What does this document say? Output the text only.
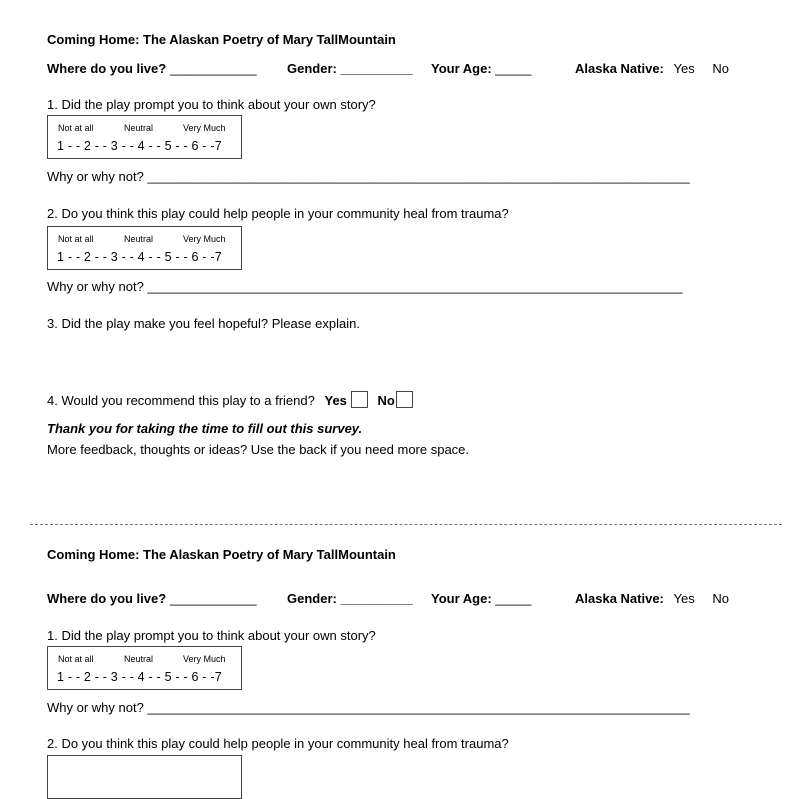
Coming Home: The Alaskan Poetry of Mary TallMountain
Where do you live? ____________ Gender: __________ Your Age: _____	Alaska Native: Yes No
1. Did the play prompt you to think about your own story?
Not at all	Neutral	Very Much
1 - - 2 - - 3 - - 4 - - 5 - - 6 - -7
Why or why not? ___________________________________________________________________________
2. Do you think this play could help people in your community heal from trauma?
Not at all	Neutral	Very Much
1 - - 2 - - 3 - - 4 - - 5 - - 6 - -7
Why or why not? __________________________________________________________________________
3. Did the play make you feel hopeful? Please explain.
4. Would you recommend this play to a friend? Yes No
Thank you for taking the time to fill out this survey.
More feedback, thoughts or ideas? Use the back if you need more space.
Coming Home: The Alaskan Poetry of Mary TallMountain
Where do you live? ____________ Gender: __________ Your Age: _____	Alaska Native: Yes No
1. Did the play prompt you to think about your own story?
Not at all	Neutral	Very Much
1 - - 2 - - 3 - - 4 - - 5 - - 6 - -7
Why or why not? ___________________________________________________________________________
2. Do you think this play could help people in your community heal from trauma?
